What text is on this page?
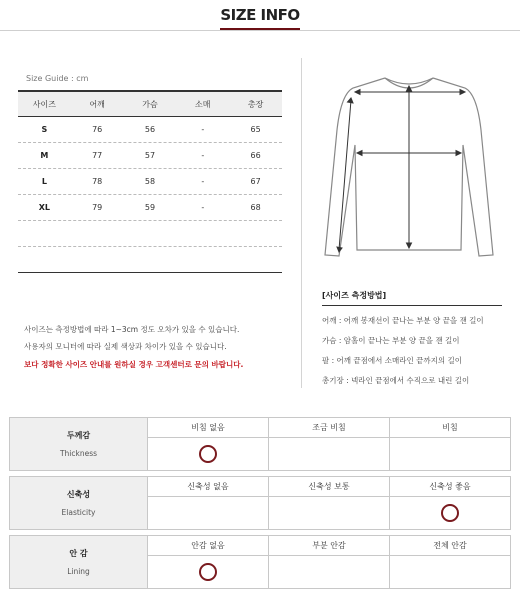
SIZE INFO
Size Guide : cm
사이즈	어깨	가슴	소매	총장
S	76	56	-	65
M	77	57	-	66
L	78	58	-	67
XL	79	59	-	68
사이즈는 측정방법에 따라 1~3cm 정도 오차가 있을 수 있습니다.
사용자의 모니터에 따라 실제 색상과 차이가 있을 수 있습니다.
보다 정확한 사이즈 안내를 원하실 경우 고객센터로 문의 바랍니다.
[사이즈 측정방법]
어깨 : 어깨 봉재선이 끝나는 부분 양 끝을 잰 길이
가슴 : 암홀이 끝나는 부분 양 끝을 잰 길이
팔 : 어깨 끝점에서 소매라인 끝까지의 길이
총기장 : 넥라인 끝점에서 수직으로 내린 길이
두께감
Thickness
비침 없음	조금 비침	비침
신축성
Elasticity
신축성 없음	신축성 보통	신축성 좋음
안 감
Lining
안감 없음	부분 안감	전체 안감
